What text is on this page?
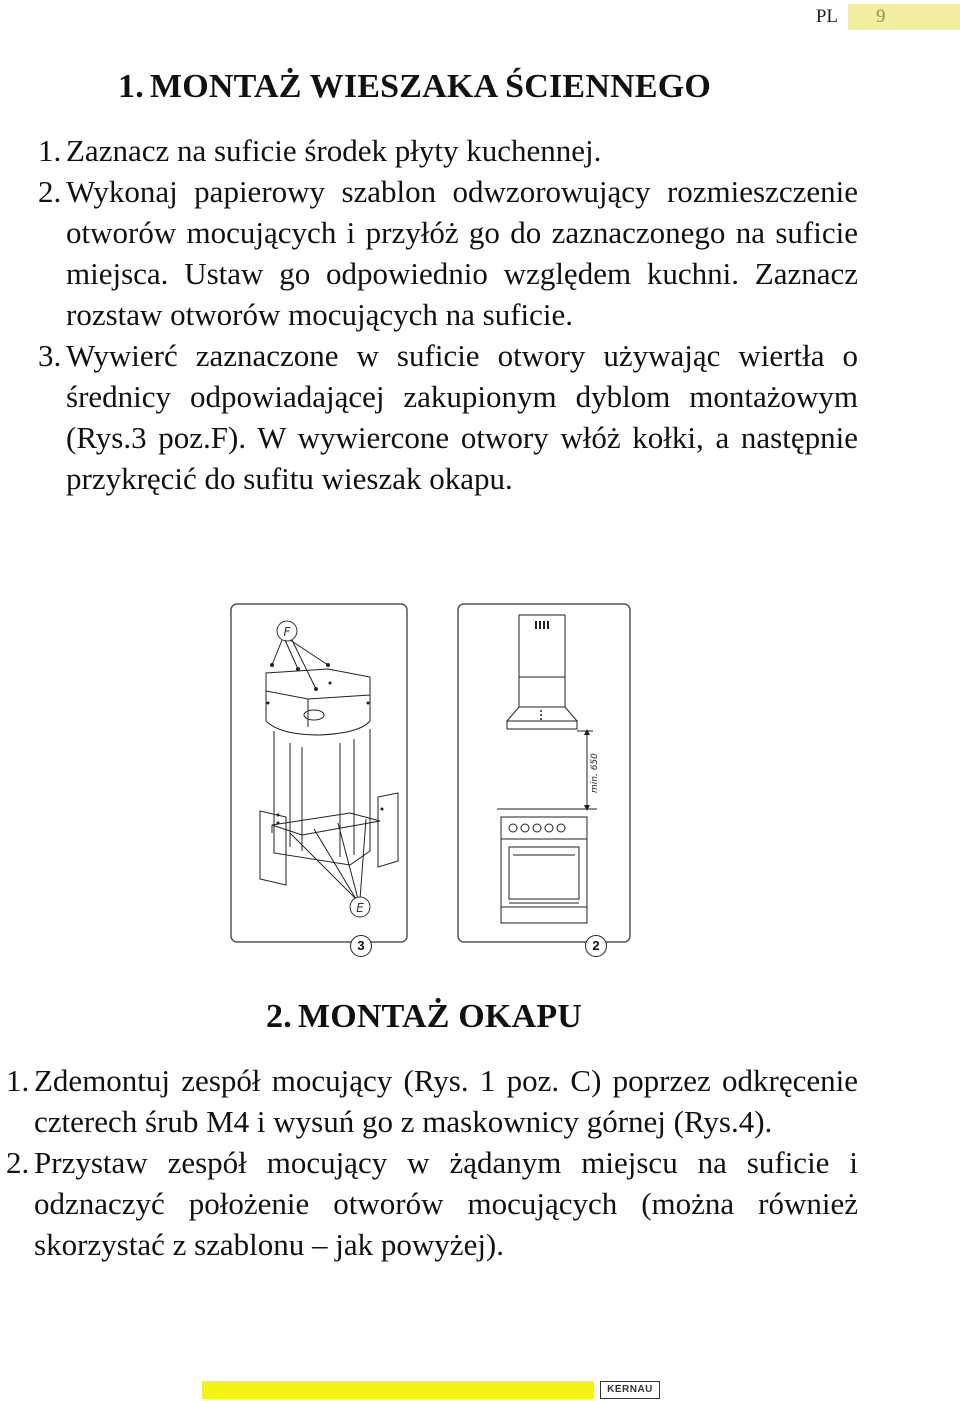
PL	9
1. MONTAŻ WIESZAKA ŚCIENNEGO
1. Zaznacz na suficie środek płyty kuchennej.
2. Wykonaj papierowy szablon odwzorowujący rozmieszczenie otworów mocujących i przyłóż go do zaznaczonego na suficie miejsca. Ustaw go odpowiednio względem kuchni. Zaznacz rozstaw otworów mocujących na suficie.
3. Wywierć zaznaczone w suficie otwory używając wiertła o średnicy odpowiadającej zakupionym dyblom montażowym (Rys.3 poz.F). W wywiercone otwory włóż kołki, a następnie przykręcić do sufitu wieszak okapu.
F
E
3
min. 650
2
2. MONTAŻ OKAPU
1. Zdemontuj zespół mocujący (Rys. 1 poz. C) poprzez odkręcenie czterech śrub M4 i wysuń go z maskownicy górnej (Rys.4).
2. Przystaw zespół mocujący w żądanym miejscu na suficie i odznaczyć położenie otworów mocujących (można również skorzystać z szablonu – jak powyżej).
KERNAU
